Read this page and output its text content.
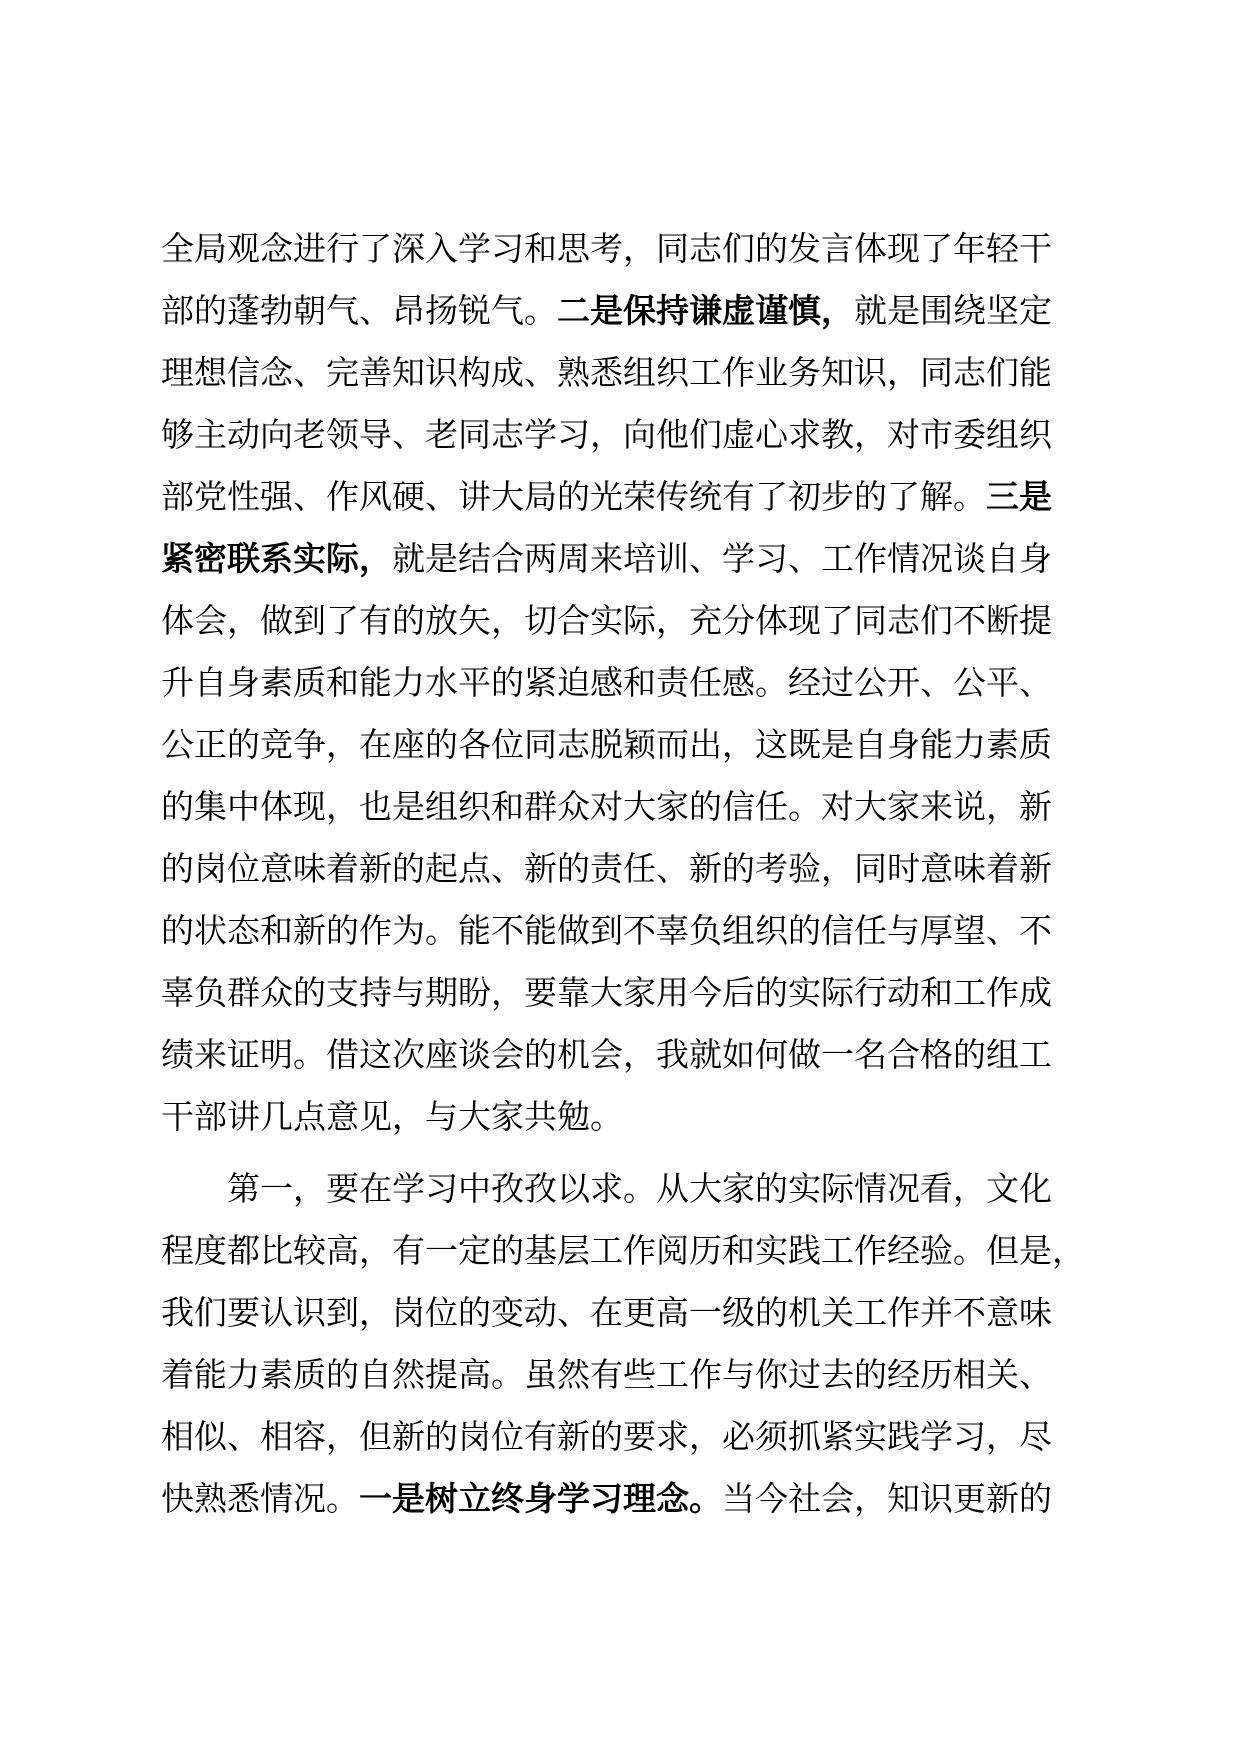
全局观念进行了深入学习和思考，同志们的发言体现了年轻干
部的蓬勃朝气、昂扬锐气。二是保持谦虚谨慎，就是围绕坚定
理想信念、完善知识构成、熟悉组织工作业务知识，同志们能
够主动向老领导、老同志学习，向他们虚心求教，对市委组织
部党性强、作风硬、讲大局的光荣传统有了初步的了解。三是
紧密联系实际，就是结合两周来培训、学习、工作情况谈自身
体会，做到了有的放矢，切合实际，充分体现了同志们不断提
升自身素质和能力水平的紧迫感和责任感。经过公开、公平、
公正的竞争，在座的各位同志脱颖而出，这既是自身能力素质
的集中体现，也是组织和群众对大家的信任。对大家来说，新
的岗位意味着新的起点、新的责任、新的考验，同时意味着新
的状态和新的作为。能不能做到不辜负组织的信任与厚望、不
辜负群众的支持与期盼，要靠大家用今后的实际行动和工作成
绩来证明。借这次座谈会的机会，我就如何做一名合格的组工
干部讲几点意见，与大家共勉。
第一，要在学习中孜孜以求。从大家的实际情况看，文化
程度都比较高，有一定的基层工作阅历和实践工作经验。但是，
我们要认识到，岗位的变动、在更高一级的机关工作并不意味
着能力素质的自然提高。虽然有些工作与你过去的经历相关、
相似、相容，但新的岗位有新的要求，必须抓紧实践学习，尽
快熟悉情况。一是树立终身学习理念。当今社会，知识更新的
